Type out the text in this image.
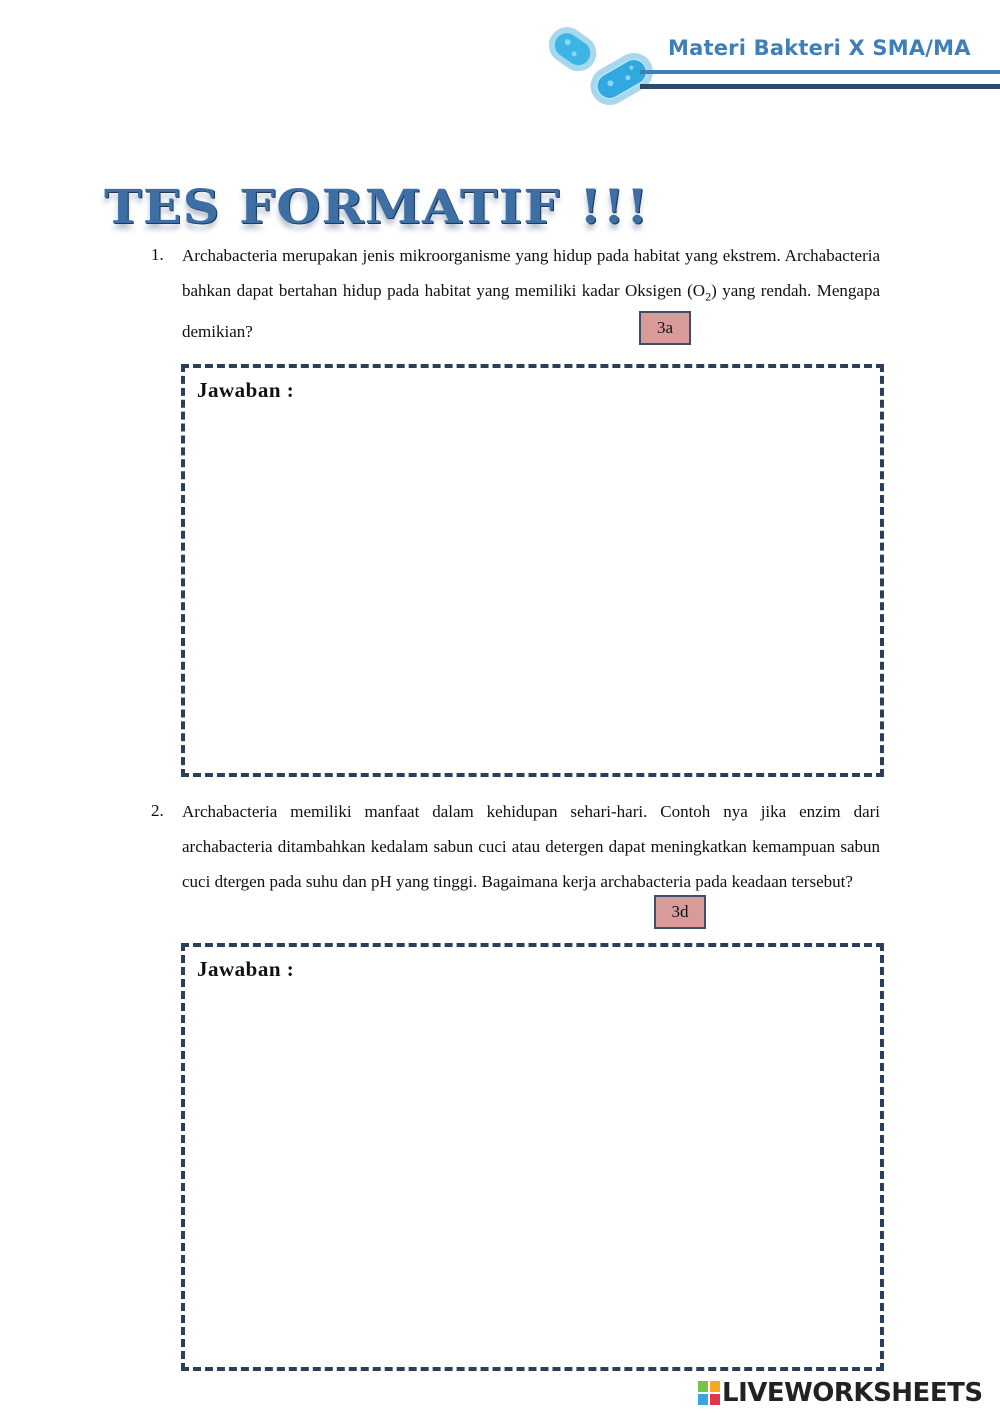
Materi Bakteri X SMA/MA
TES FORMATIF !!!
1. Archabacteria merupakan jenis mikroorganisme yang hidup pada habitat yang ekstrem. Archabacteria bahkan dapat bertahan hidup pada habitat yang memiliki kadar Oksigen $(O_2)$ yang rendah. Mengapa demikian?	3a
Jawaban :
2. Archabacteria memiliki manfaat dalam kehidupan sehari-hari. Contoh nya jika enzim dari archabacteria ditambahkan kedalam sabun cuci atau detergen dapat meningkatkan kemampuan sabun cuci dtergen pada suhu dan pH yang tinggi. Bagaimana kerja archabacteria pada keadaan tersebut?
3d
Jawaban :
LIVEWORKSHEETS
